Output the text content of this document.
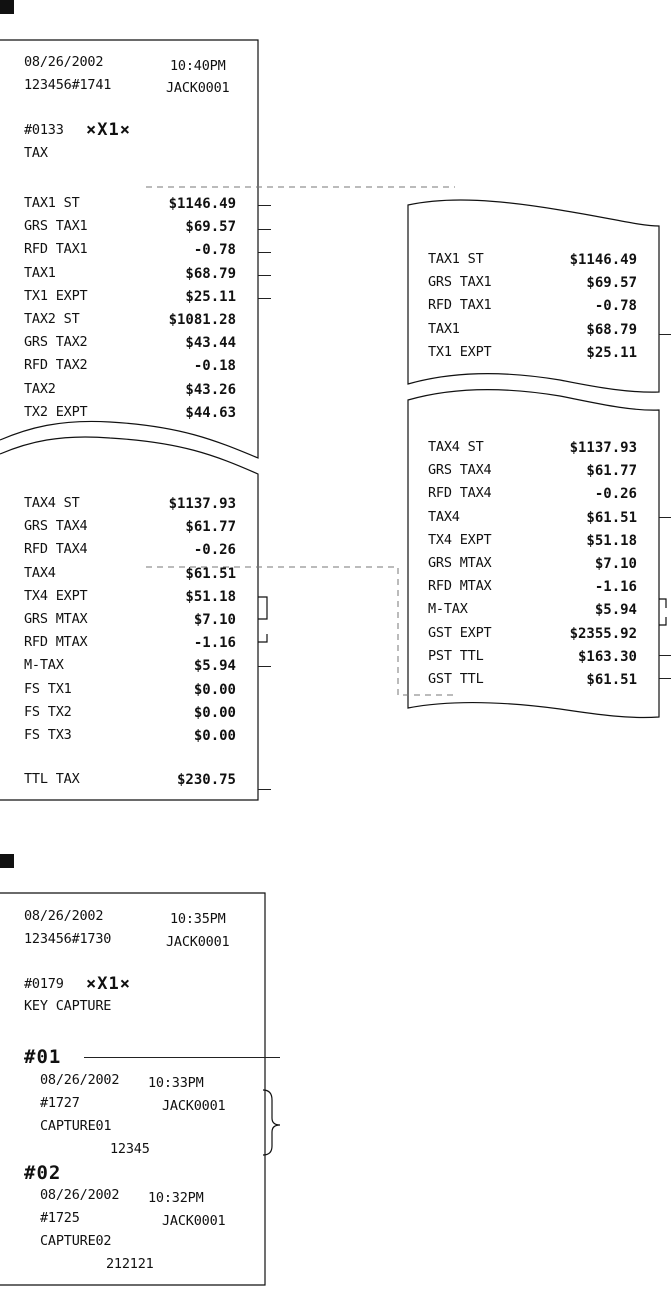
08/26/2002	10:40PM
123456#1741	JACK0001
#0133 ×X1×
TAX
TAX1 ST	$1146.49
GRS TAX1	$69.57
RFD TAX1	-0.78
TAX1	$68.79
TX1 EXPT	$25.11
TAX2 ST	$1081.28
GRS TAX2	$43.44
RFD TAX2	-0.18
TAX2	$43.26
TX2 EXPT	$44.63
TAX4 ST	$1137.93
GRS TAX4	$61.77
RFD TAX4	-0.26
TAX4	$61.51
TX4 EXPT	$51.18
GRS MTAX	$7.10
RFD MTAX	-1.16
M-TAX	$5.94
FS TX1	$0.00
FS TX2	$0.00
FS TX3	$0.00
TTL TAX	$230.75
TAX1 ST	$1146.49
GRS TAX1	$69.57
RFD TAX1	-0.78
TAX1	$68.79
TX1 EXPT	$25.11
TAX4 ST	$1137.93
GRS TAX4	$61.77
RFD TAX4	-0.26
TAX4	$61.51
TX4 EXPT	$51.18
GRS MTAX	$7.10
RFD MTAX	-1.16
M-TAX	$5.94
GST EXPT	$2355.92
PST TTL	$163.30
GST TTL	$61.51
08/26/2002	10:35PM
123456#1730	JACK0001
#0179 ×X1×
KEY CAPTURE
#01
08/26/2002 10:33PM
#1727	JACK0001
CAPTURE01
12345
#02
08/26/2002 10:32PM
#1725	JACK0001
CAPTURE02
212121
